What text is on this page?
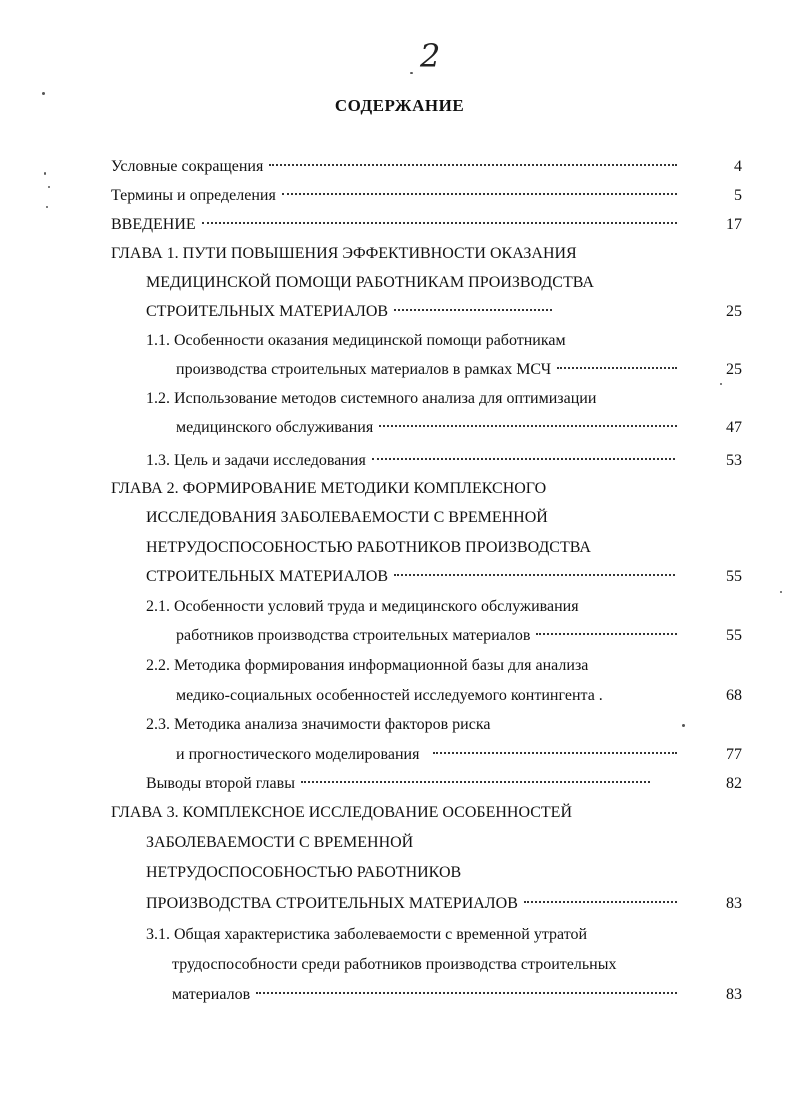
2
СОДЕРЖАНИЕ
Условные сокращения	4
Термины и определения	5
ВВЕДЕНИЕ	17
ГЛАВА 1. ПУТИ ПОВЫШЕНИЯ ЭФФЕКТИВНОСТИ ОКАЗАНИЯ
МЕДИЦИНСКОЙ ПОМОЩИ РАБОТНИКАМ ПРОИЗВОДСТВА
СТРОИТЕЛЬНЫХ МАТЕРИАЛОВ	25
1.1. Особенности оказания медицинской помощи работникам
производства строительных материалов в рамках МСЧ	25
1.2. Использование методов системного анализа для оптимизации
медицинского обслуживания	47
1.3. Цель и задачи исследования	53
ГЛАВА 2. ФОРМИРОВАНИЕ МЕТОДИКИ КОМПЛЕКСНОГО
ИССЛЕДОВАНИЯ ЗАБОЛЕВАЕМОСТИ С ВРЕМЕННОЙ
НЕТРУДОСПОСОБНОСТЬЮ РАБОТНИКОВ ПРОИЗВОДСТВА
СТРОИТЕЛЬНЫХ МАТЕРИАЛОВ	55
2.1. Особенности условий труда и медицинского обслуживания
работников производства строительных материалов	55
2.2. Методика формирования информационной базы для анализа
медико-социальных особенностей исследуемого контингента .	68
2.3. Методика анализа значимости факторов риска
и прогностического моделирования	77
Выводы второй главы	82
ГЛАВА 3. КОМПЛЕКСНОЕ ИССЛЕДОВАНИЕ ОСОБЕННОСТЕЙ
ЗАБОЛЕВАЕМОСТИ С ВРЕМЕННОЙ
НЕТРУДОСПОСОБНОСТЬЮ РАБОТНИКОВ
ПРОИЗВОДСТВА СТРОИТЕЛЬНЫХ МАТЕРИАЛОВ	83
3.1. Общая характеристика заболеваемости с временной утратой
трудоспособности среди работников производства строительных
материалов	83
